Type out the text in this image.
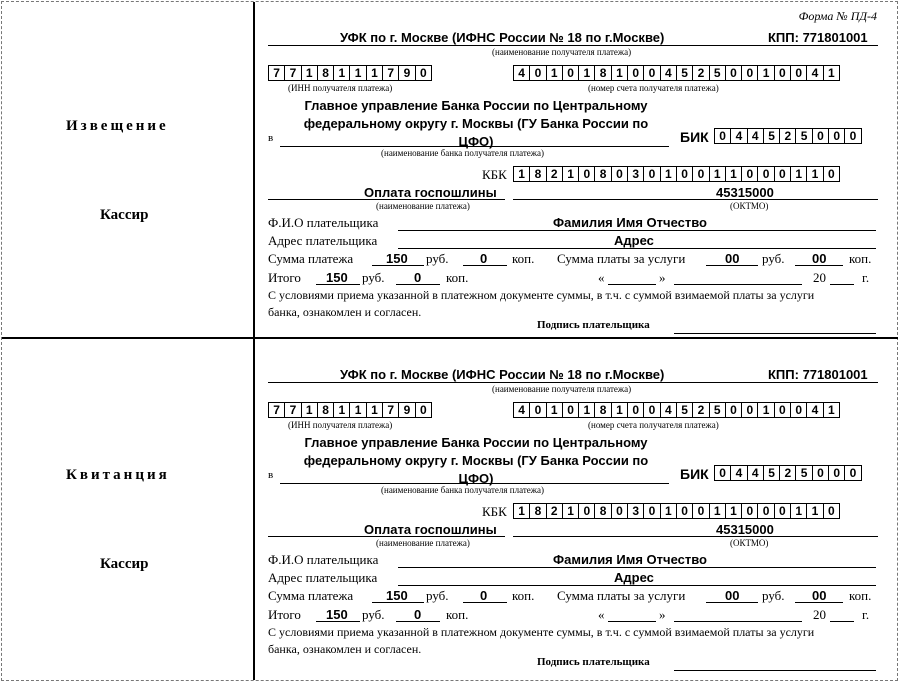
Форма № ПД-4
Извещение
Кассир
Квитанция
Кассир
УФК по г. Москве (ИФНС России № 18 по г.Москве)	КПП: 771801001
(наименование получателя платежа)
7 7 1 8 1 1 1 7 9 0
(ИНН получателя платежа)
4 0 1 0 1 8 1 0 0 4 5 2 5 0 0 1 0 0 4 1
(номер счета получателя платежа)
Главное управление Банка России по Центральному
федеральному округу г. Москвы (ГУ Банка России по
ЦФО)
в
(наименование банка получателя платежа)
БИК 0 4 4 5 2 5 0 0 0
КБК 1 8 2 1 0 8 0 3 0 1 0 0 1 1 0 0 0 1 1 0
Оплата госпошлины
(наименование платежа)
45315000
(ОКТМО)
Ф.И.О плательщика	Фамилия Имя Отчество
Адрес плательщика	Адрес
Сумма платежа	150 руб. 0 коп. Сумма платы за услуги	00 руб. 00 коп.
Итого 150 руб. 0 коп.	«	»	20	г.
С условиями приема указанной в платежном документе суммы, в т.ч. с суммой взимаемой платы за услуги
банка, ознакомлен и согласен.
Подпись плательщика
УФК по г. Москве (ИФНС России № 18 по г.Москве)	КПП: 771801001
(наименование получателя платежа)
7 7 1 8 1 1 1 7 9 0
(ИНН получателя платежа)
4 0 1 0 1 8 1 0 0 4 5 2 5 0 0 1 0 0 4 1
(номер счета получателя платежа)
Главное управление Банка России по Центральному
федеральному округу г. Москвы (ГУ Банка России по
ЦФО)
в
(наименование банка получателя платежа)
БИК 0 4 4 5 2 5 0 0 0
КБК 1 8 2 1 0 8 0 3 0 1 0 0 1 1 0 0 0 1 1 0
Оплата госпошлины
(наименование платежа)
45315000
(ОКТМО)
Ф.И.О плательщика	Фамилия Имя Отчество
Адрес плательщика	Адрес
Сумма платежа	150 руб. 0 коп. Сумма платы за услуги	00 руб. 00 коп.
Итого 150 руб. 0 коп.	«	»	20	г.
С условиями приема указанной в платежном документе суммы, в т.ч. с суммой взимаемой платы за услуги
банка, ознакомлен и согласен.
Подпись плательщика
